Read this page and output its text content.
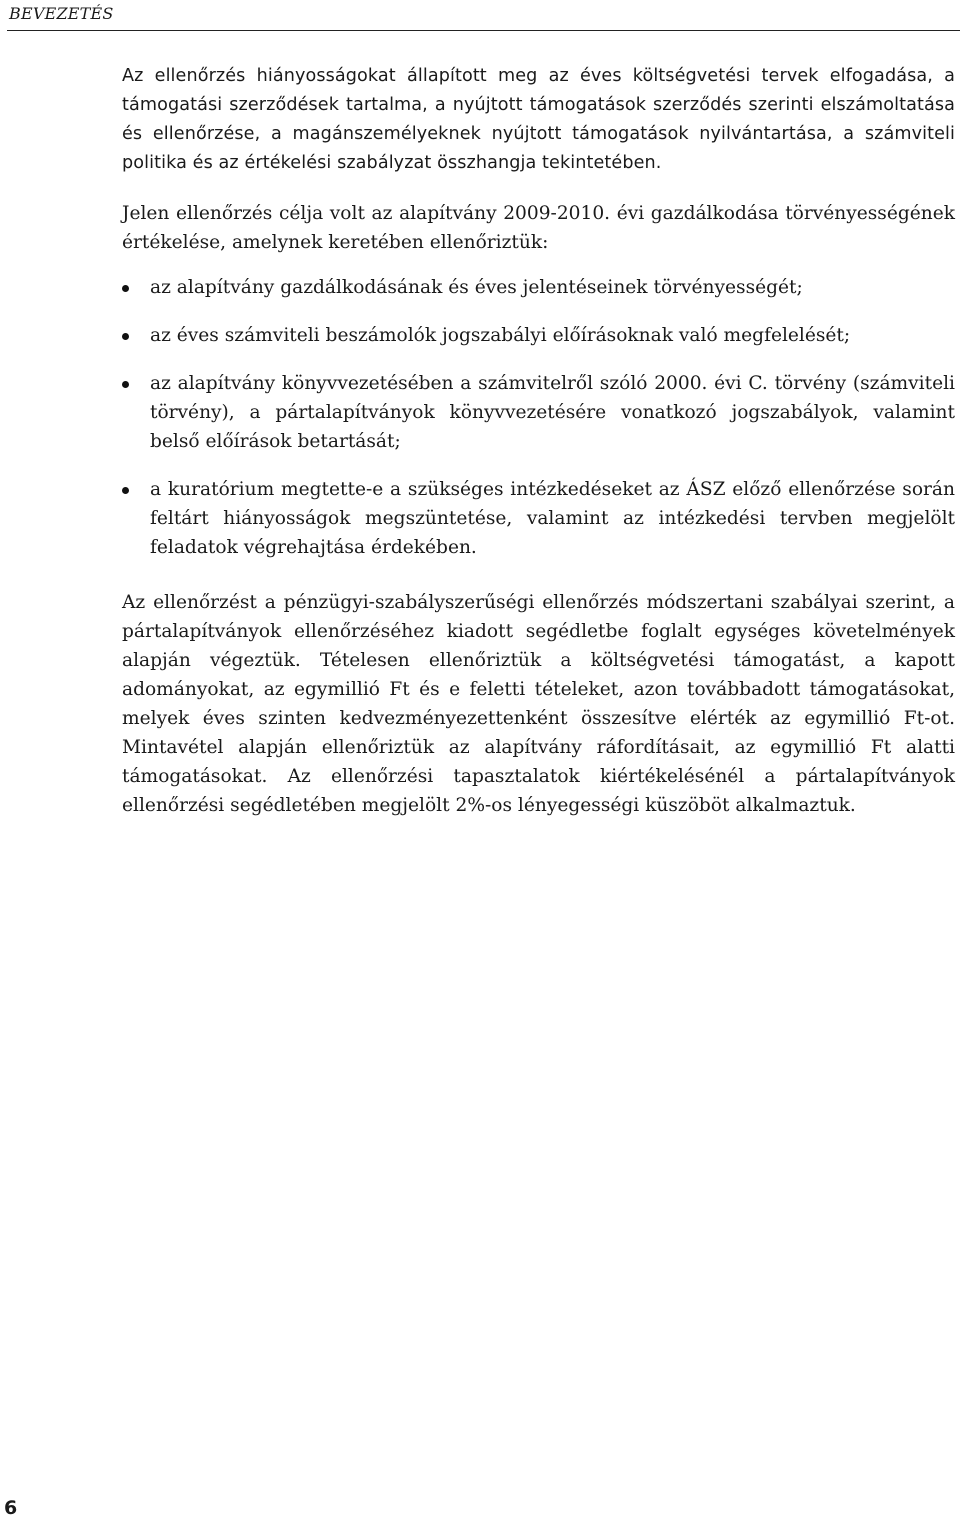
BEVEZETÉS

Az ellenőrzés hiányosságokat állapított meg az éves költségvetési tervek elfogadása, a támogatási szerződések tartalma, a nyújtott támogatások szerződés szerinti elszámoltatása és ellenőrzése, a magánszemélyeknek nyújtott támogatások nyilvántartása, a számviteli politika és az értékelési szabályzat összhangja tekintetében.

Jelen ellenőrzés célja volt az alapítvány 2009-2010. évi gazdálkodása törvényességének értékelése, amelynek keretében ellenőriztük:

az alapítvány gazdálkodásának és éves jelentéseinek törvényességét;

az éves számviteli beszámolók jogszabályi előírásoknak való megfelelését;

az alapítvány könyvvezetésében a számvitelről szóló 2000. évi C. törvény (számviteli törvény), a pártalapítványok könyvvezetésére vonatkozó jogszabályok, valamint belső előírások betartását;

a kuratórium megtette-e a szükséges intézkedéseket az ÁSZ előző ellenőrzése során feltárt hiányosságok megszüntetése, valamint az intézkedési tervben megjelölt feladatok végrehajtása érdekében.

Az ellenőrzést a pénzügyi-szabályszerűségi ellenőrzés módszertani szabályai szerint, a pártalapítványok ellenőrzéséhez kiadott segédletbe foglalt egységes követelmények alapján végeztük. Tételesen ellenőriztük a költségvetési támogatást, a kapott adományokat, az egymillió Ft és e feletti tételeket, azon továbbadott támogatásokat, melyek éves szinten kedvezményezettenként összesítve elérték az egymillió Ft-ot. Mintavétel alapján ellenőriztük az alapítvány ráfordításait, az egymillió Ft alatti támogatásokat. Az ellenőrzési tapasztalatok kiértékelésénél a pártalapítványok ellenőrzési segédletében megjelölt 2%-os lényegességi küszöböt alkalmaztuk.

6
